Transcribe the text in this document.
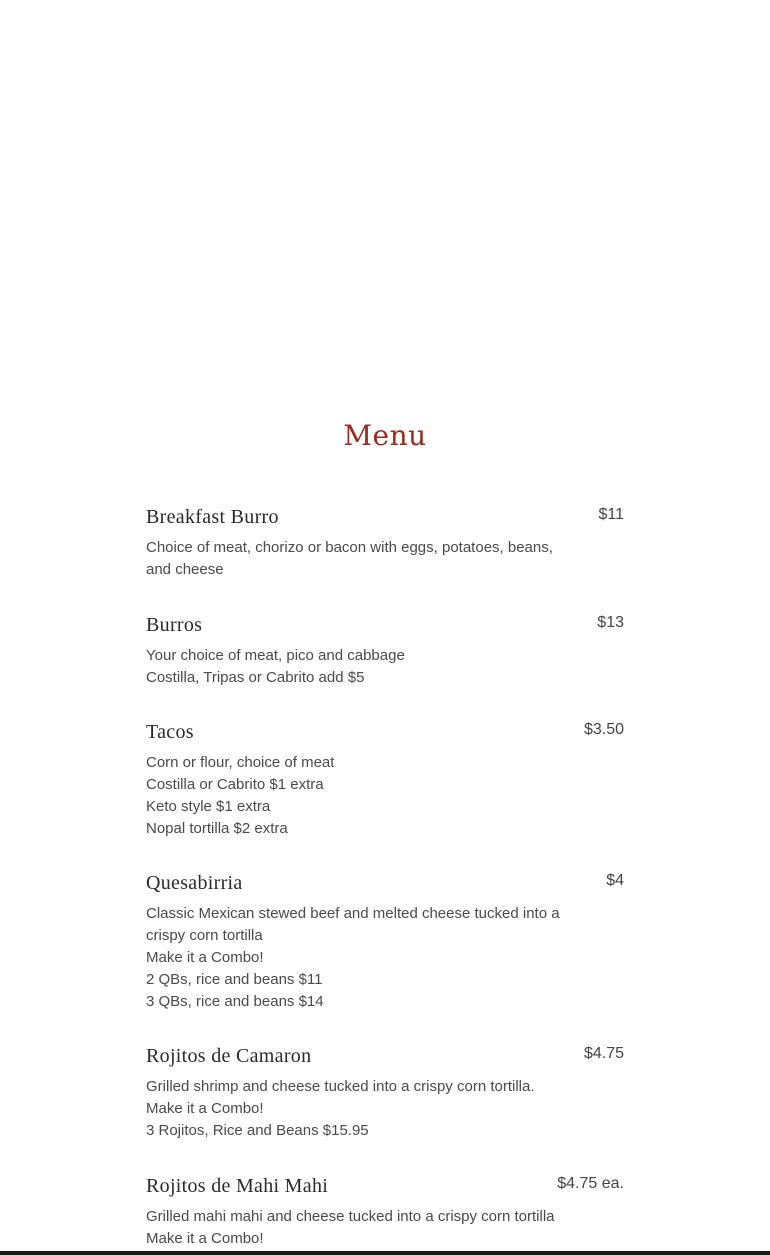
Menu
Breakfast Burro	$11
Choice of meat, chorizo or bacon with eggs, potatoes, beans, and cheese
Burros	$13
Your choice of meat, pico and cabbage
Costilla, Tripas or Cabrito add $5
Tacos	$3.50
Corn or flour, choice of meat
Costilla or Cabrito $1 extra
Keto style $1 extra
Nopal tortilla $2 extra
Quesabirria	$4
Classic Mexican stewed beef and melted cheese tucked into a crispy corn tortilla
Make it a Combo!
2 QBs, rice and beans $11
3 QBs, rice and beans $14
Rojitos de Camaron	$4.75
Grilled shrimp and cheese tucked into a crispy corn tortilla.
Make it a Combo!
3 Rojitos, Rice and Beans $15.95
Rojitos de Mahi Mahi	$4.75 ea.
Grilled mahi mahi and cheese tucked into a crispy corn tortilla
Make it a Combo!
